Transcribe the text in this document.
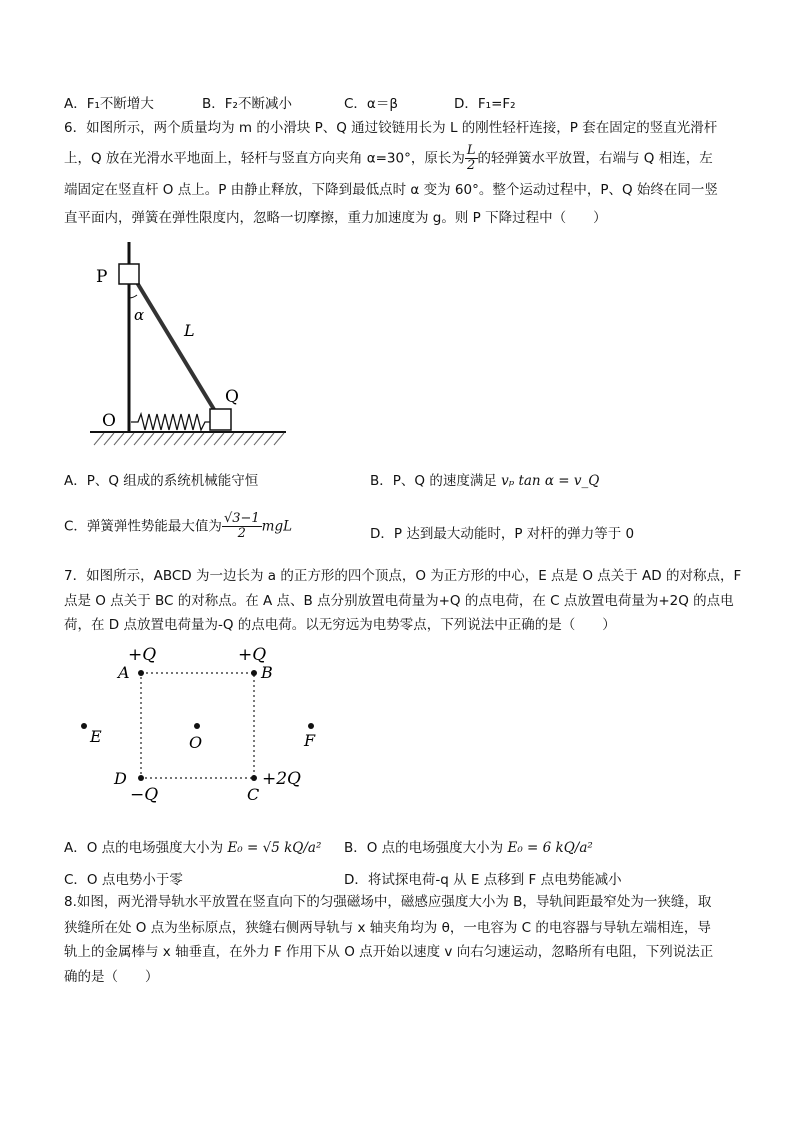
A．F₁不断增大	B．F₂不断减小	C．α＝β	D．F₁=F₂
6．如图所示，两个质量均为 m 的小滑块 P、Q 通过铰链用长为 L 的刚性轻杆连接，P 套在固定的竖直光滑杆
上，Q 放在光滑水平地面上，轻杆与竖直方向夹角 α=30°，原长为 $\frac{L}{2}$ 的轻弹簧水平放置，右端与 Q 相连，左
端固定在竖直杆 O 点上。P 由静止释放，下降到最低点时 α 变为 60°。整个运动过程中，P、Q 始终在同一竖
直平面内，弹簧在弹性限度内，忽略一切摩擦，重力加速度为 g。则 P 下降过程中（　　）
P
α
L
Q
O
A．P、Q 组成的系统机械能守恒	B．P、Q 的速度满足 vₚ tan α = v_Q
C．弹簧弹性势能最大值为 $\frac{√3-1}{2}$ mgL	D．P 达到最大动能时，P 对杆的弹力等于 0
7．如图所示，ABCD 为一边长为 a 的正方形的四个顶点，O 为正方形的中心，E 点是 O 点关于 AD 的对称点，F
点是 O 点关于 BC 的对称点。在 A 点、B 点分别放置电荷量为+Q 的点电荷，在 C 点放置电荷量为+2Q 的点电
荷，在 D 点放置电荷量为-Q 的点电荷。以无穷远为电势零点，下列说法中正确的是（　　）
+Q	+Q
+2Q
−Q
A	B
C
D
E	O	F
A．O 点的电场强度大小为 E₀ = √5 kQ/a² B．O 点的电场强度大小为 E₀ = 6 kQ/a²
C．O 点电势小于零	D．将试探电荷-q 从 E 点移到 F 点电势能减小
8.如图，两光滑导轨水平放置在竖直向下的匀强磁场中，磁感应强度大小为 B，导轨间距最窄处为一狭缝，取
狭缝所在处 O 点为坐标原点，狭缝右侧两导轨与 x 轴夹角均为 θ，一电容为 C 的电容器与导轨左端相连，导
轨上的金属棒与 x 轴垂直，在外力 F 作用下从 O 点开始以速度 v 向右匀速运动，忽略所有电阻，下列说法正
确的是（　　）
